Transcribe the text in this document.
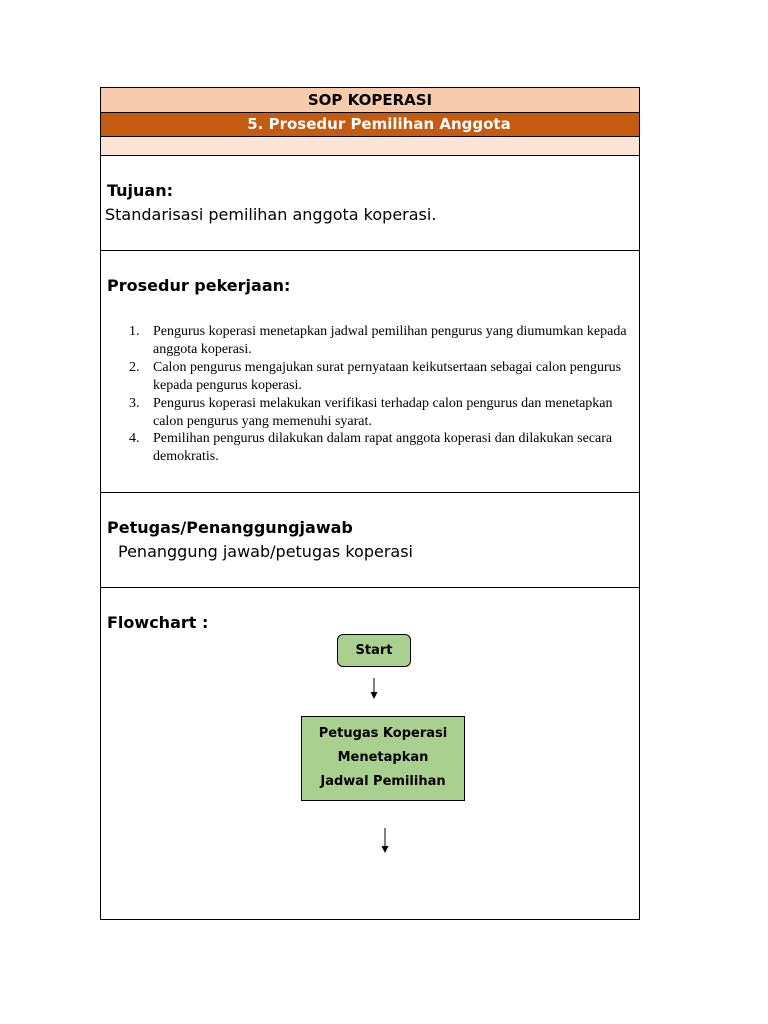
SOP KOPERASI
5. Prosedur Pemilihan Anggota
Tujuan:
Standarisasi pemilihan anggota koperasi.
Prosedur pekerjaan:
1. Pengurus koperasi menetapkan jadwal pemilihan pengurus yang diumumkan kepada anggota koperasi.
2. Calon pengurus mengajukan surat pernyataan keikutsertaan sebagai calon pengurus kepada pengurus koperasi.
3. Pengurus koperasi melakukan verifikasi terhadap calon pengurus dan menetapkan calon pengurus yang memenuhi syarat.
4. Pemilihan pengurus dilakukan dalam rapat anggota koperasi dan dilakukan secara demokratis.
Petugas/Penanggungjawab
Penanggung jawab/petugas koperasi
Flowchart :
Start
Petugas Koperasi
Menetapkan
Jadwal Pemilihan
